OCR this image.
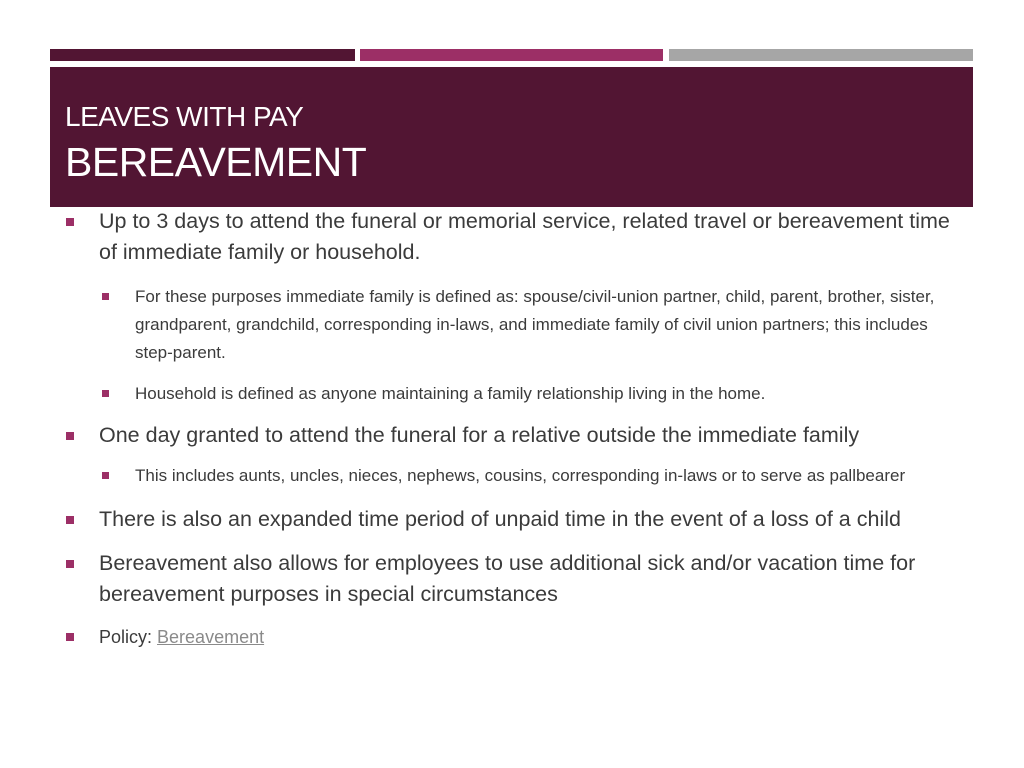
LEAVES WITH PAY
BEREAVEMENT
Up to 3 days to attend the funeral or memorial service, related travel or bereavement time of immediate family or household.
For these purposes immediate family is defined as: spouse/civil-union partner, child, parent, brother, sister, grandparent, grandchild, corresponding in-laws, and immediate family of civil union partners; this includes step-parent.
Household is defined as anyone maintaining a family relationship living in the home.
One day granted to attend the funeral for a relative outside the immediate family
This includes aunts, uncles, nieces, nephews, cousins, corresponding in-laws or to serve as pallbearer
There is also an expanded time period of unpaid time in the event of a loss of a child
Bereavement also allows for employees to use additional sick and/or vacation time for bereavement purposes in special circumstances
Policy: Bereavement
